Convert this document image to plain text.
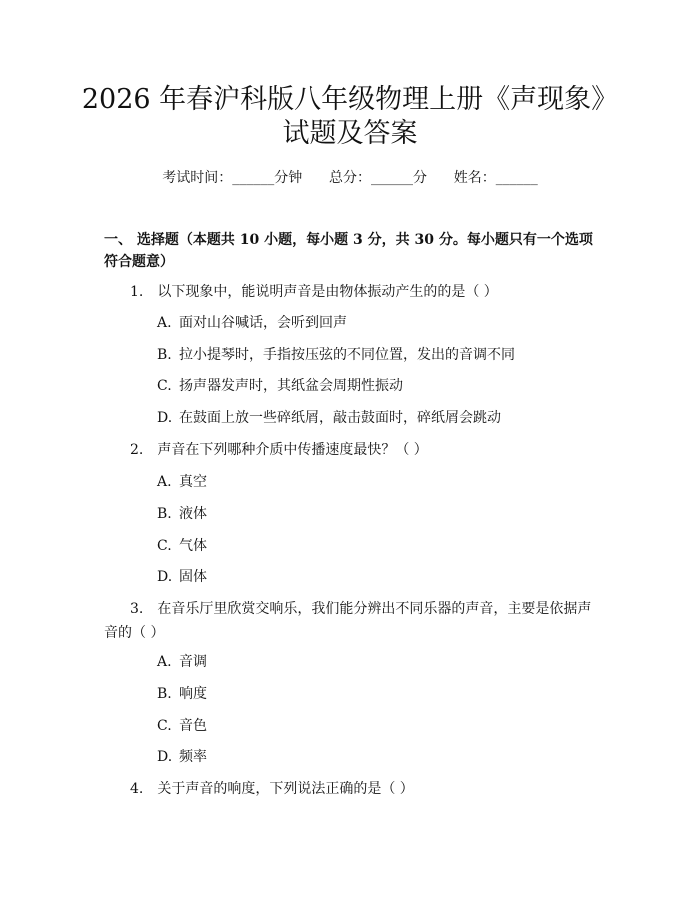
2026 年春沪科版八年级物理上册《声现象》
试题及答案
考试时间：______分钟      总分：______分      姓名：______
一、 选择题（本题共 10 小题，每小题 3 分，共 30 分。每小题只有一个选项符合题意）
1. 以下现象中，能说明声音是由物体振动产生的的是（ ）
A. 面对山谷喊话，会听到回声
B. 拉小提琴时，手指按压弦的不同位置，发出的音调不同
C. 扬声器发声时，其纸盆会周期性振动
D. 在鼓面上放一些碎纸屑，敲击鼓面时，碎纸屑会跳动
2. 声音在下列哪种介质中传播速度最快？（ ）
A. 真空
B. 液体
C. 气体
D. 固体
3. 在音乐厅里欣赏交响乐，我们能分辨出不同乐器的声音，主要是依据声音的（ ）
A. 音调
B. 响度
C. 音色
D. 频率
4. 关于声音的响度，下列说法正确的是（ ）
